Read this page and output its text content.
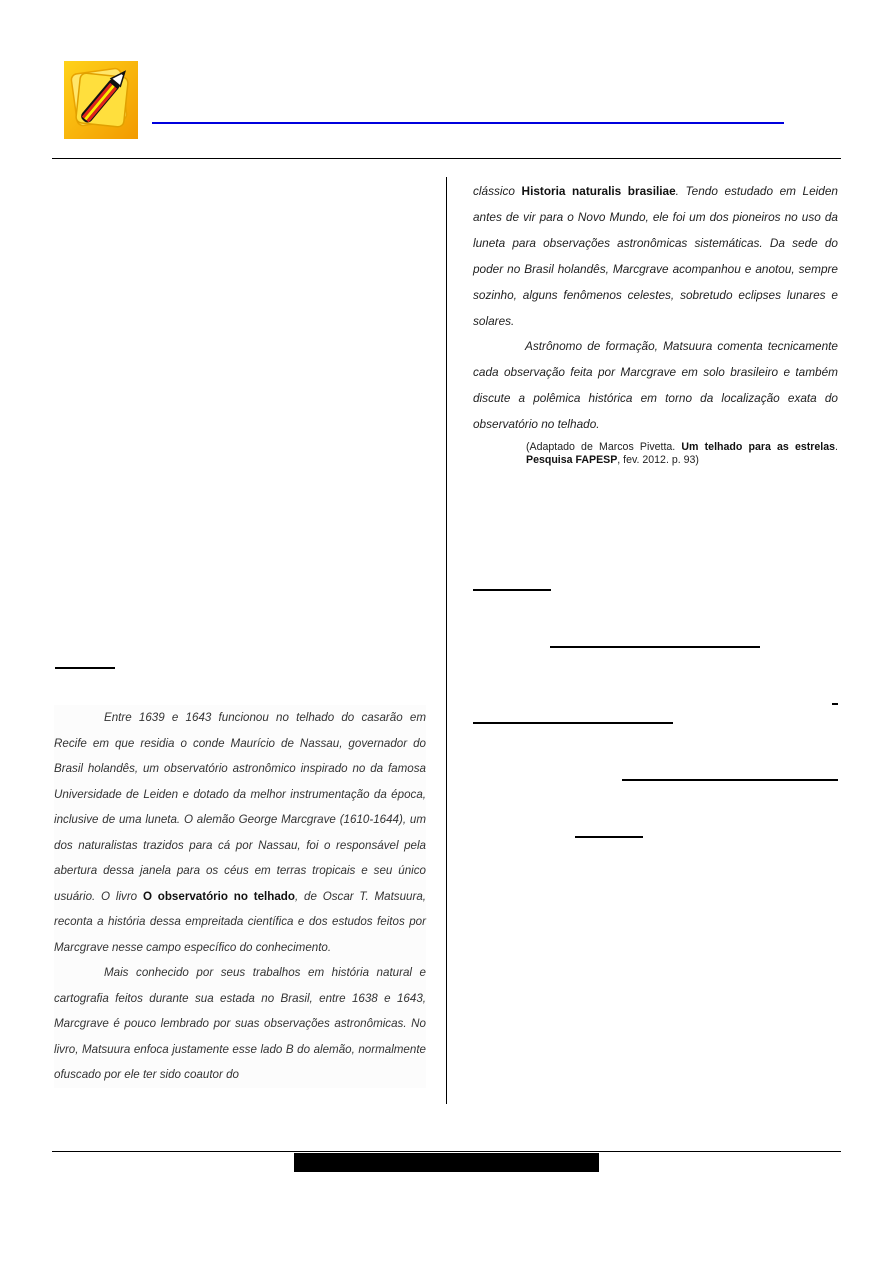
Entre 1639 e 1643 funcionou no telhado do casarão em Recife em que residia o conde Maurício de Nassau, governador do Brasil holandês, um observatório astronômico inspirado no da famosa Universidade de Leiden e dotado da melhor instrumentação da época, inclusive de uma luneta. O alemão George Marcgrave (1610-1644), um dos naturalistas trazidos para cá por Nassau, foi o responsável pela abertura dessa janela para os céus em terras tropicais e seu único usuário. O livro O observatório no telhado, de Oscar T. Matsuura, reconta a história dessa empreitada científica e dos estudos feitos por Marcgrave nesse campo específico do conhecimento.

Mais conhecido por seus trabalhos em história natural e cartografia feitos durante sua estada no Brasil, entre 1638 e 1643, Marcgrave é pouco lembrado por suas observações astronômicas. No livro, Matsuura enfoca justamente esse lado B do alemão, normalmente ofuscado por ele ter sido coautor do

clássico Historia naturalis brasiliae. Tendo estudado em Leiden antes de vir para o Novo Mundo, ele foi um dos pioneiros no uso da luneta para observações astronômicas sistemáticas. Da sede do poder no Brasil holandês, Marcgrave acompanhou e anotou, sempre sozinho, alguns fenômenos celestes, sobretudo eclipses lunares e solares.

Astrônomo de formação, Matsuura comenta tecnicamente cada observação feita por Marcgrave em solo brasileiro e também discute a polêmica histórica em torno da localização exata do observatório no telhado.

(Adaptado de Marcos Pivetta. Um telhado para as estrelas. Pesquisa FAPESP, fev. 2012. p. 93)
